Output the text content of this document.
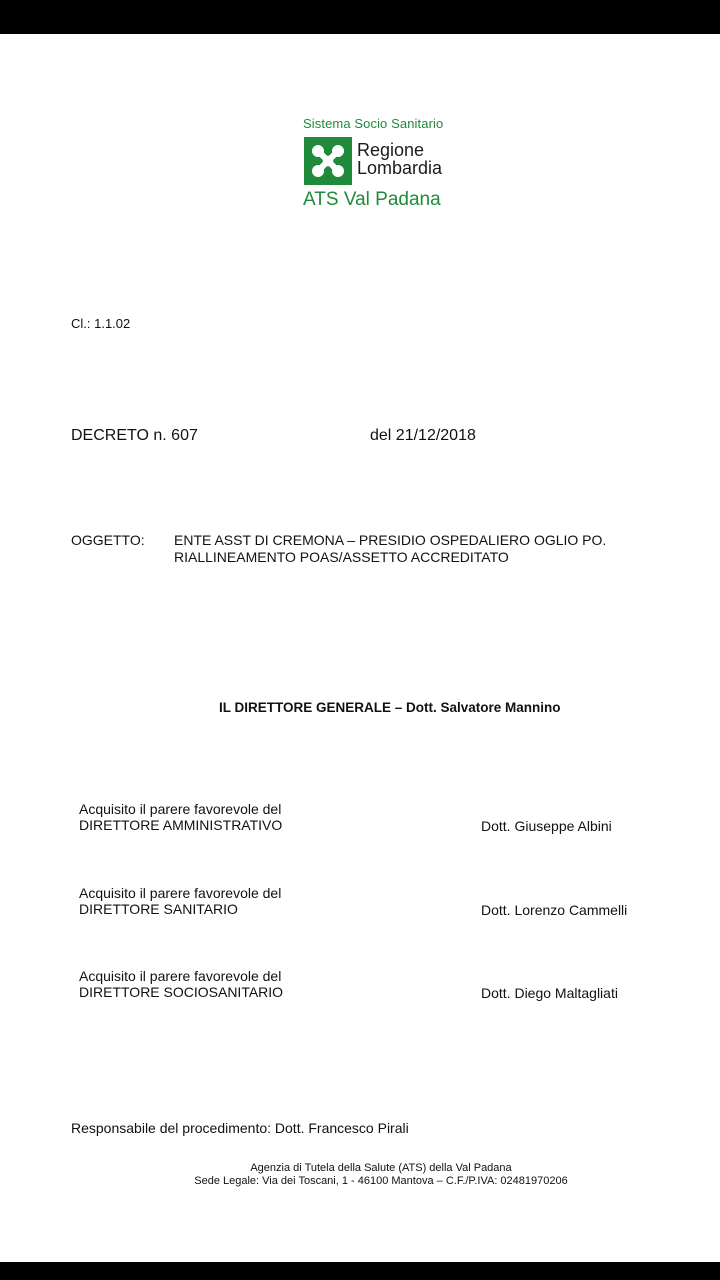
Sistema Socio Sanitario
Regione
Lombardia
ATS Val Padana
Cl.: 1.1.02
DECRETO n. 607	del 21/12/2018
OGGETTO: ENTE ASST DI CREMONA – PRESIDIO OSPEDALIERO OGLIO PO.
RIALLINEAMENTO POAS/ASSETTO ACCREDITATO
IL DIRETTORE GENERALE – Dott. Salvatore Mannino
Acquisito il parere favorevole del
DIRETTORE AMMINISTRATIVO	Dott. Giuseppe Albini
Acquisito il parere favorevole del
DIRETTORE SANITARIO	Dott. Lorenzo Cammelli
Acquisito il parere favorevole del
DIRETTORE SOCIOSANITARIO	Dott. Diego Maltagliati
Responsabile del procedimento: Dott. Francesco Pirali
Agenzia di Tutela della Salute (ATS) della Val Padana
Sede Legale: Via dei Toscani, 1 - 46100 Mantova – C.F./P.IVA: 02481970206
